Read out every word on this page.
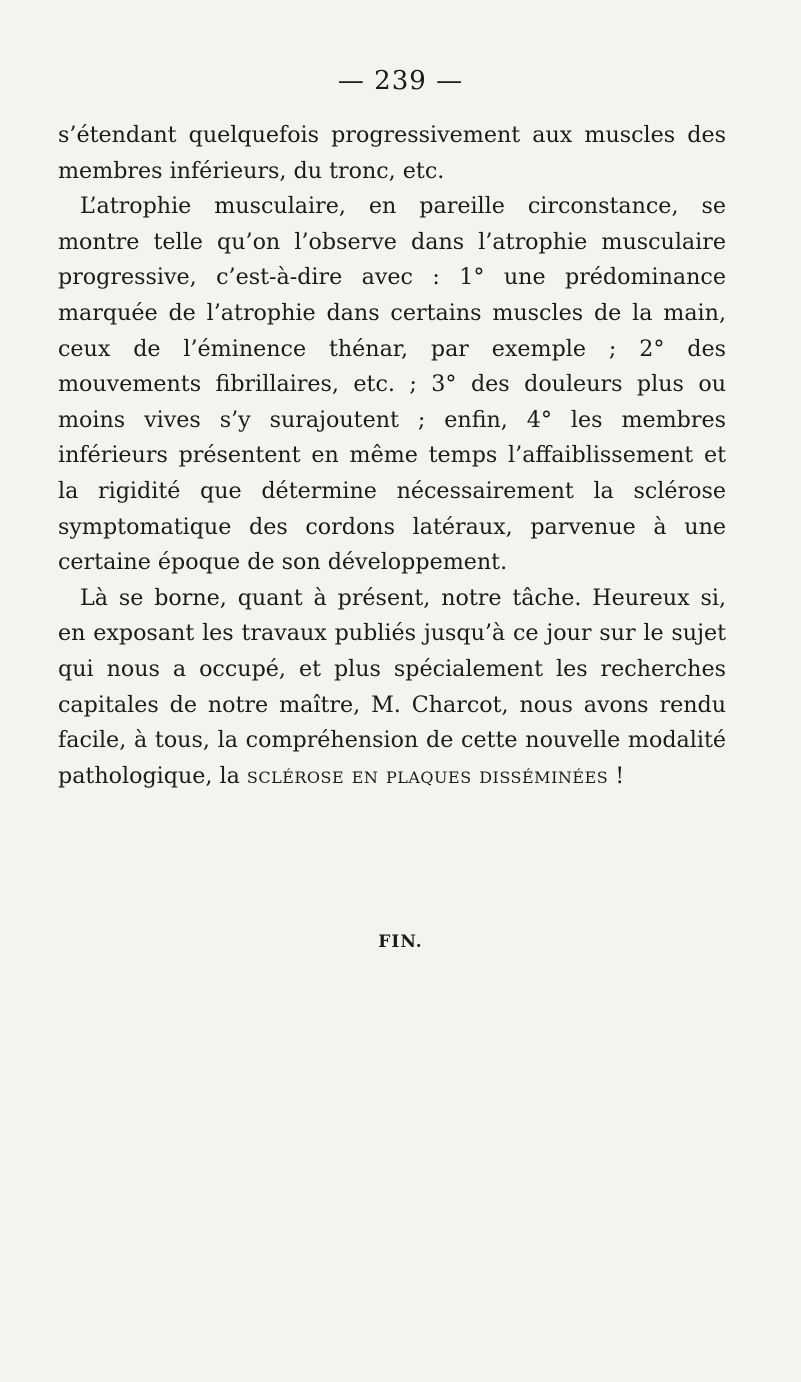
— 239 —

s’étendant quelquefois progressivement aux muscles des membres inférieurs, du tronc, etc.

L’atrophie musculaire, en pareille circonstance, se montre telle qu’on l’observe dans l’atrophie musculaire progressive, c’est-à-dire avec : 1° une prédominance marquée de l’atrophie dans certains muscles de la main, ceux de l’éminence thénar, par exemple ; 2° des mouvements fibrillaires, etc. ; 3° des douleurs plus ou moins vives s’y surajoutent ; enfin, 4° les membres inférieurs présentent en même temps l’affaiblissement et la rigidité que détermine nécessairement la sclérose symptomatique des cordons latéraux, parvenue à une certaine époque de son développement.

Là se borne, quant à présent, notre tâche. Heureux si, en exposant les travaux publiés jusqu’à ce jour sur le sujet qui nous a occupé, et plus spécialement les recherches capitales de notre maître, M. Charcot, nous avons rendu facile, à tous, la compréhension de cette nouvelle modalité pathologique, la sclérose en plaques disséminées !

FIN.
